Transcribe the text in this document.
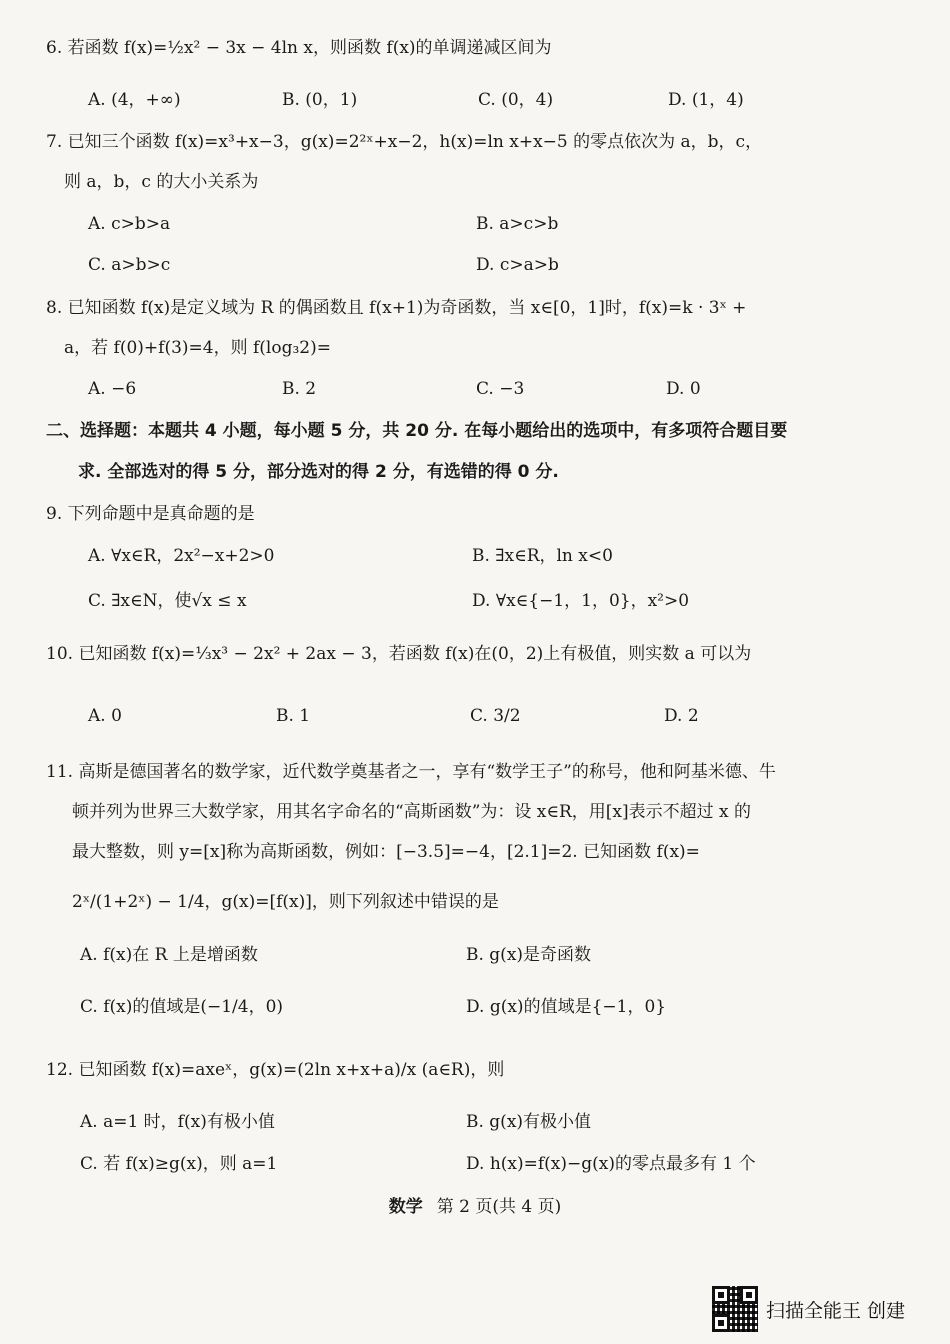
6. 若函数 f(x)=½x² − 3x − 4ln x，则函数 f(x)的单调递减区间为
A. (4，+∞)	B. (0，1)	C. (0，4)	D. (1，4)
7. 已知三个函数 f(x)=x³+x−3，g(x)=2²ˣ+x−2，h(x)=ln x+x−5 的零点依次为 a，b，c，
则 a，b，c 的大小关系为
A. c>b>a	B. a>c>b
C. a>b>c	D. c>a>b
8. 已知函数 f(x)是定义域为 R 的偶函数且 f(x+1)为奇函数，当 x∈[0，1]时，f(x)=k · 3ˣ +
a，若 f(0)+f(3)=4，则 f(log₃2)=
A. −6	B. 2	C. −3	D. 0
二、选择题：本题共 4 小题，每小题 5 分，共 20 分. 在每小题给出的选项中，有多项符合题目要
求. 全部选对的得 5 分，部分选对的得 2 分，有选错的得 0 分.
9. 下列命题中是真命题的是
A. ∀x∈R，2x²−x+2>0	B. ∃x∈R，ln x<0
C. ∃x∈N，使√x ≤ x	D. ∀x∈{−1，1，0}，x²>0
10. 已知函数 f(x)=⅓x³ − 2x² + 2ax − 3，若函数 f(x)在(0，2)上有极值，则实数 a 可以为
A. 0	B. 1	C. 3/2	D. 2
11. 高斯是德国著名的数学家，近代数学奠基者之一，享有“数学王子”的称号，他和阿基米德、牛
顿并列为世界三大数学家，用其名字命名的“高斯函数”为：设 x∈R，用[x]表示不超过 x 的
最大整数，则 y=[x]称为高斯函数，例如：[−3.5]=−4，[2.1]=2. 已知函数 f(x)=
2ˣ/(1+2ˣ) − 1/4，g(x)=[f(x)]，则下列叙述中错误的是
A. f(x)在 R 上是增函数	B. g(x)是奇函数
C. f(x)的值域是(−1/4，0)	D. g(x)的值域是{−1，0}
12. 已知函数 f(x)=axeˣ，g(x)=(2ln x+x+a)/x (a∈R)，则
A. a=1 时，f(x)有极小值	B. g(x)有极小值
C. 若 f(x)≥g(x)，则 a=1	D. h(x)=f(x)−g(x)的零点最多有 1 个
数学 第 2 页(共 4 页)
扫描全能王 创建
